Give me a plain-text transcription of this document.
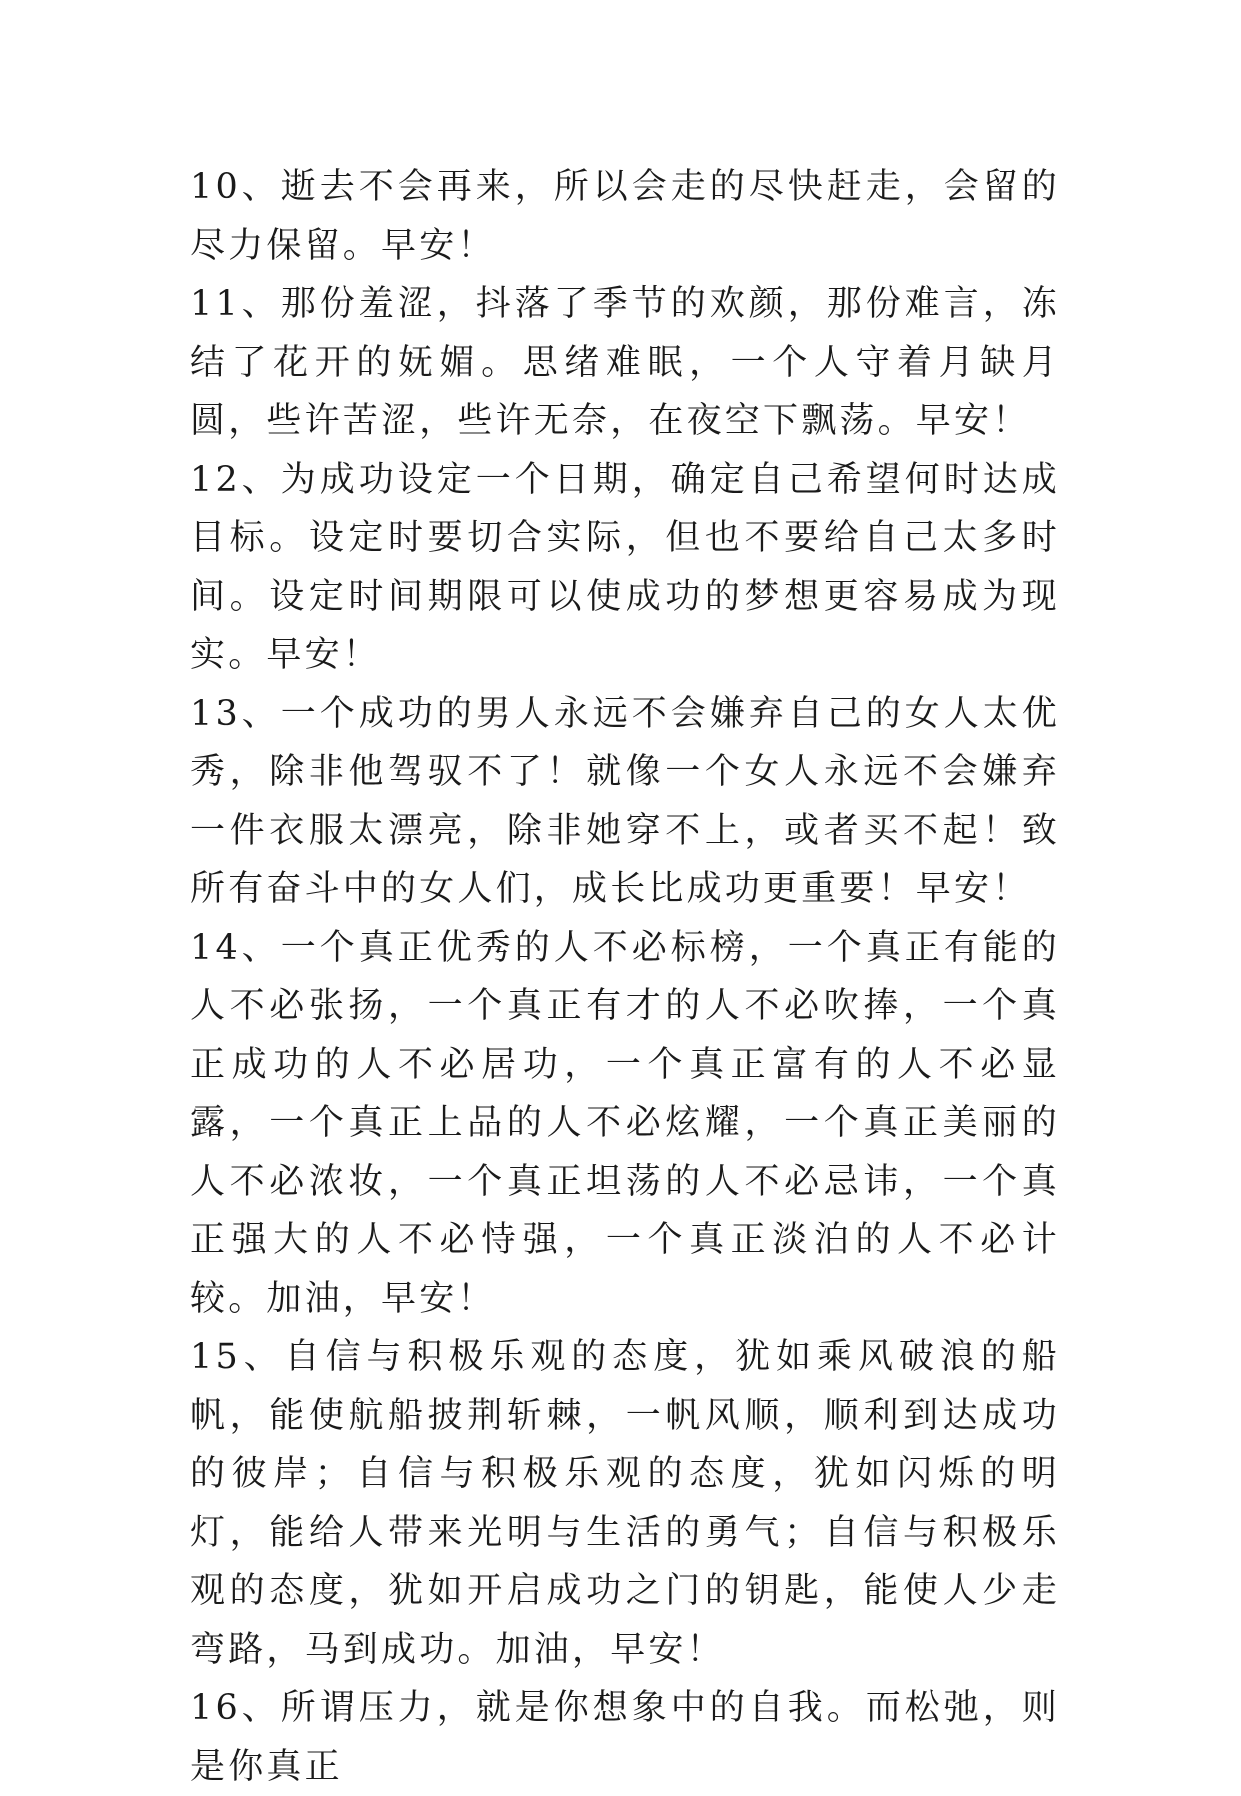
10、逝去不会再来，所以会走的尽快赶走，会留的尽力保留。早安！

11、那份羞涩，抖落了季节的欢颜，那份难言，冻结了花开的妩媚。思绪难眠，一个人守着月缺月圆，些许苦涩，些许无奈，在夜空下飘荡。早安！

12、为成功设定一个日期，确定自己希望何时达成目标。设定时要切合实际，但也不要给自己太多时间。设定时间期限可以使成功的梦想更容易成为现实。早安！

13、一个成功的男人永远不会嫌弃自己的女人太优秀，除非他驾驭不了！就像一个女人永远不会嫌弃一件衣服太漂亮，除非她穿不上，或者买不起！致所有奋斗中的女人们，成长比成功更重要！早安！

14、一个真正优秀的人不必标榜，一个真正有能的人不必张扬，一个真正有才的人不必吹捧，一个真正成功的人不必居功，一个真正富有的人不必显露，一个真正上品的人不必炫耀，一个真正美丽的人不必浓妆，一个真正坦荡的人不必忌讳，一个真正强大的人不必恃强，一个真正淡泊的人不必计较。加油，早安！

15、自信与积极乐观的态度，犹如乘风破浪的船帆，能使航船披荆斩棘，一帆风顺，顺利到达成功的彼岸；自信与积极乐观的态度，犹如闪烁的明灯，能给人带来光明与生活的勇气；自信与积极乐观的态度，犹如开启成功之门的钥匙，能使人少走弯路，马到成功。加油，早安！

16、所谓压力，就是你想象中的自我。而松弛，则是你真正
